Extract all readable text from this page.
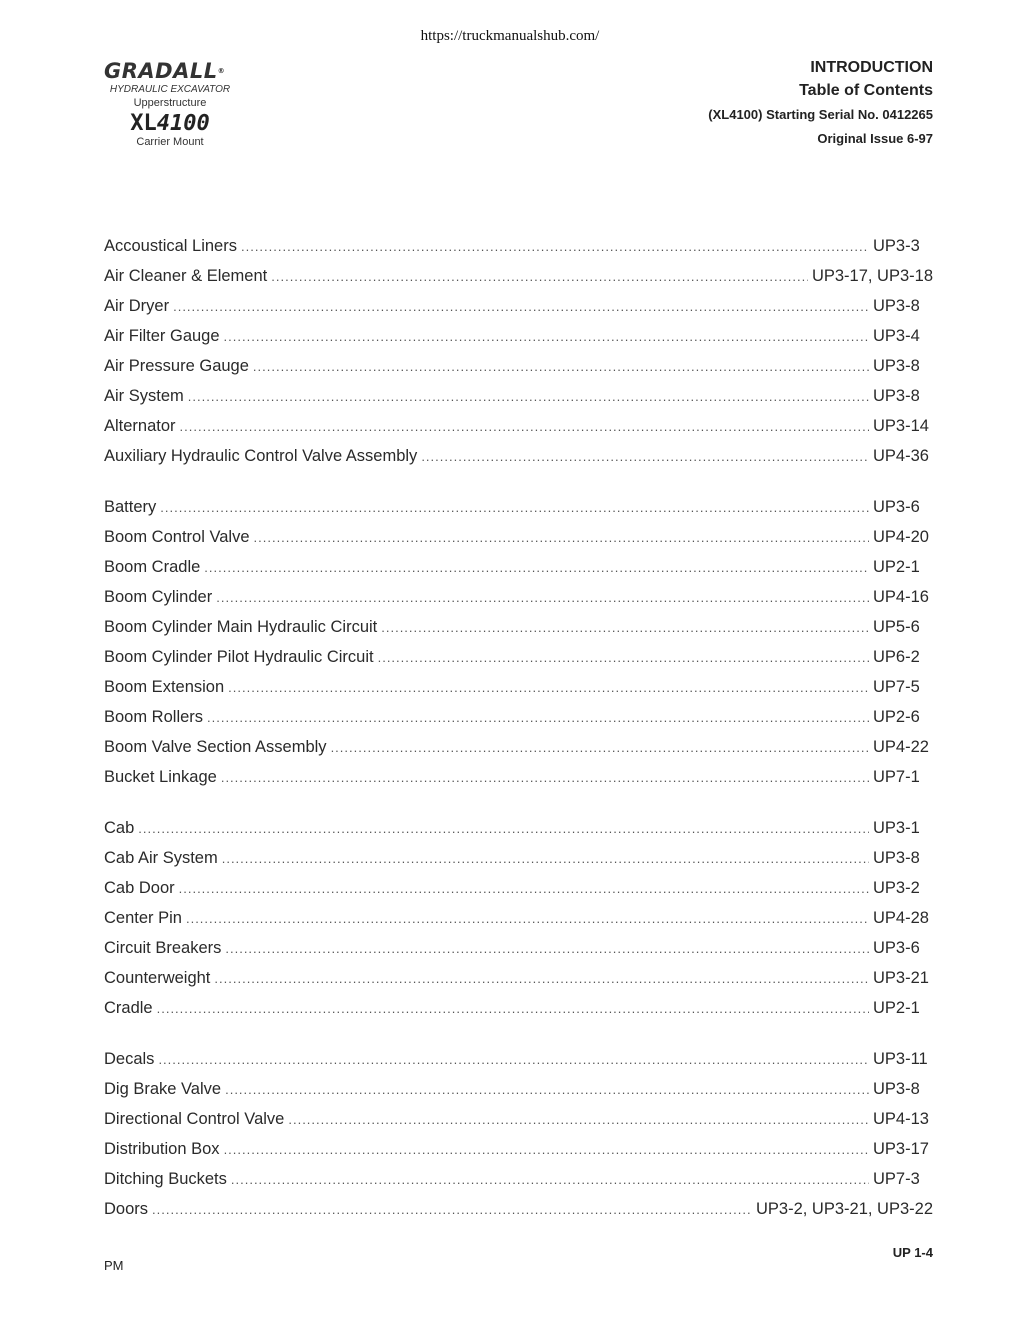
https://truckmanualshub.com/
GRADALL®
HYDRAULIC EXCAVATOR
Upperstructure
XL4100
Carrier Mount
INTRODUCTION
Table of Contents
(XL4100) Starting Serial No. 0412265
Original Issue 6-97
Accoustical Liners .....	UP3-3
Air Cleaner & Element .....	UP3-17, UP3-18
Air Dryer .....	UP3-8
Air Filter Gauge .....	UP3-4
Air Pressure Gauge .....	UP3-8
Air System .....	UP3-8
Alternator .....	UP3-14
Auxiliary Hydraulic Control Valve Assembly .....	UP4-36
Battery .....	UP3-6
Boom Control Valve .....	UP4-20
Boom Cradle .....	UP2-1
Boom Cylinder .....	UP4-16
Boom Cylinder Main Hydraulic Circuit .....	UP5-6
Boom Cylinder Pilot Hydraulic Circuit .....	UP6-2
Boom Extension .....	UP7-5
Boom Rollers .....	UP2-6
Boom Valve Section Assembly .....	UP4-22
Bucket Linkage .....	UP7-1
Cab .....	UP3-1
Cab Air System .....	UP3-8
Cab Door .....	UP3-2
Center Pin .....	UP4-28
Circuit Breakers .....	UP3-6
Counterweight .....	UP3-21
Cradle .....	UP2-1
Decals .....	UP3-11
Dig Brake Valve .....	UP3-8
Directional Control Valve .....	UP4-13
Distribution Box .....	UP3-17
Ditching Buckets .....	UP7-3
Doors .....	UP3-2, UP3-21, UP3-22
UP 1-4
PM
